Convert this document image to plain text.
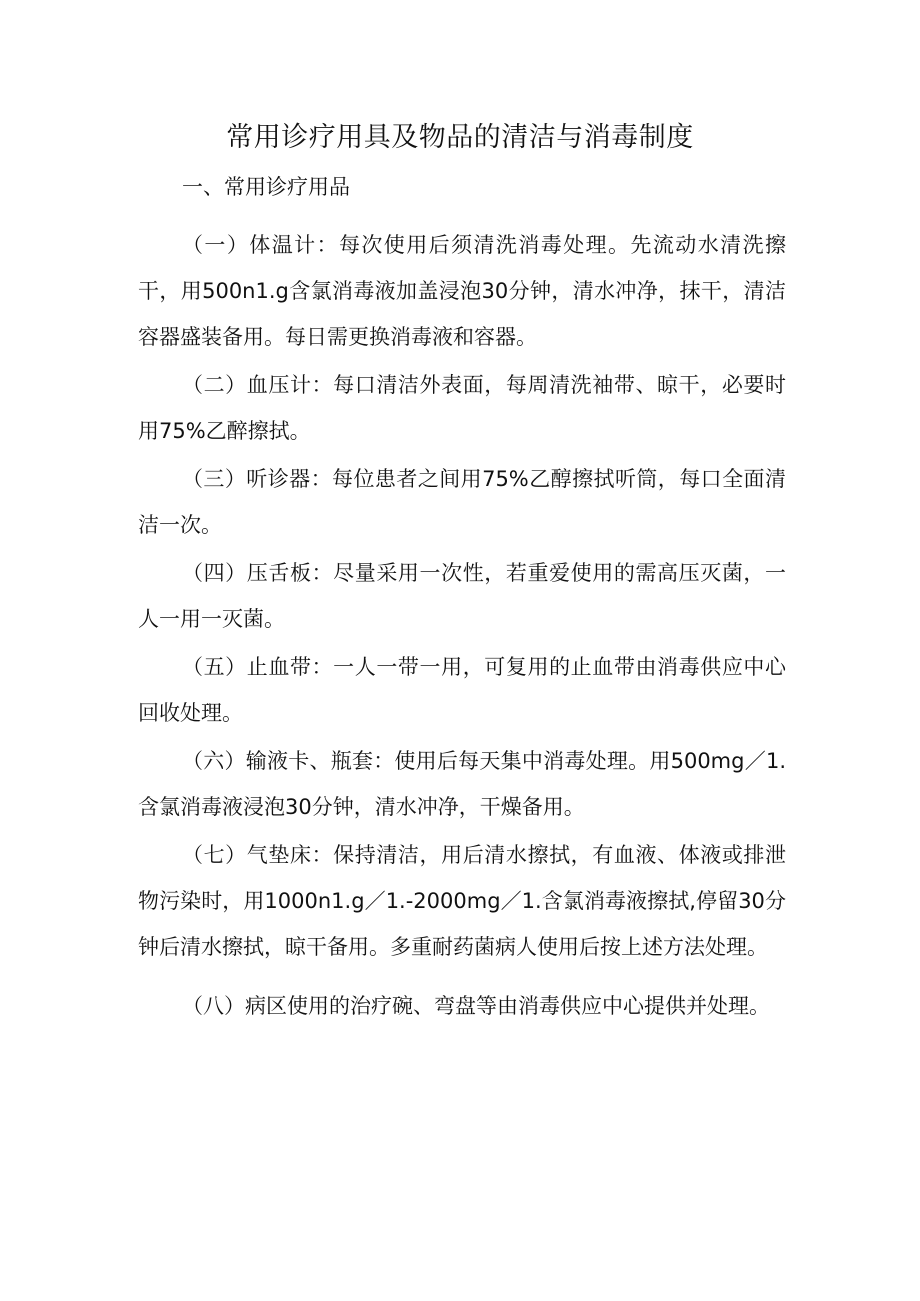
常用诊疗用具及物品的清洁与消毒制度
一、常用诊疗用品

（一）体温计：每次使用后须清洗消毒处理。先流动水清洗擦干，用500n1.g含氯消毒液加盖浸泡30分钟，清水冲净，抹干，清洁容器盛装备用。每日需更换消毒液和容器。

（二）血压计：每口清洁外表面，每周清洗袖带、晾干，必要时用75%乙醉擦拭。

（三）听诊器：每位患者之间用75%乙醇擦拭听筒，每口全面清洁一次。

（四）压舌板：尽量采用一次性，若重爱使用的需高压灭菌，一人一用一灭菌。

（五）止血带：一人一带一用，可复用的止血带由消毒供应中心回收处理。

（六）输液卡、瓶套：使用后每天集中消毒处理。用500mg／1.含氯消毒液浸泡30分钟，清水冲净，干燥备用。

（七）气垫床：保持清洁，用后清水擦拭，有血液、体液或排泄物污染时，用1000n1.g／1.-2000mg／1.含氯消毒液擦拭,停留30分钟后清水擦拭，晾干备用。多重耐药菌病人使用后按上述方法处理。

（八）病区使用的治疗碗、弯盘等由消毒供应中心提供并处理。
